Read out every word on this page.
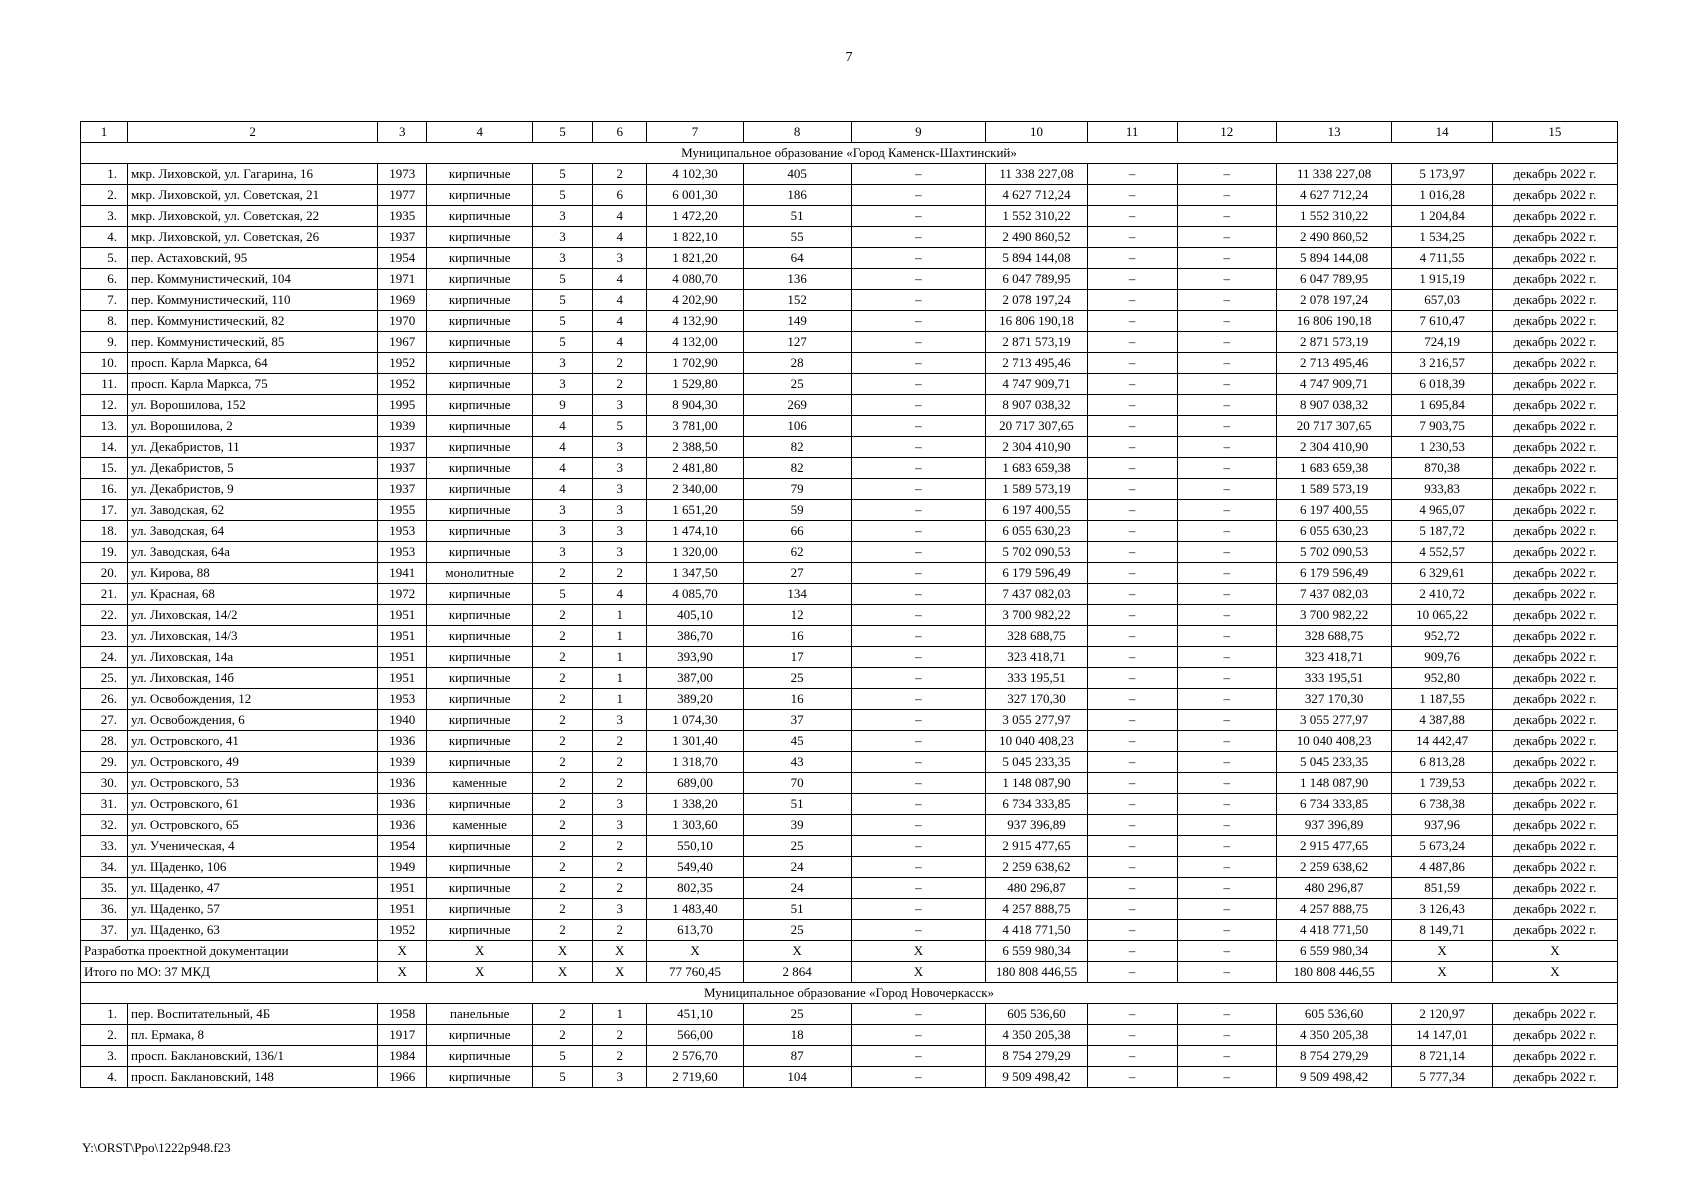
7
1	2	3	4	5	6	7	8	9	10	11	12	13	14	15
Муниципальное образование «Город Каменск-Шахтинский»														
1.	мкр. Лиховской, ул. Гагарина, 16	1973	кирпичные	5	2	4 102,30	405	–	11 338 227,08	–	–	11 338 227,08	5 173,97	декабрь 2022 г.
2.	мкр. Лиховской, ул. Советская, 21	1977	кирпичные	5	6	6 001,30	186	–	4 627 712,24	–	–	4 627 712,24	1 016,28	декабрь 2022 г.
3.	мкр. Лиховской, ул. Советская, 22	1935	кирпичные	3	4	1 472,20	51	–	1 552 310,22	–	–	1 552 310,22	1 204,84	декабрь 2022 г.
4.	мкр. Лиховской, ул. Советская, 26	1937	кирпичные	3	4	1 822,10	55	–	2 490 860,52	–	–	2 490 860,52	1 534,25	декабрь 2022 г.
5.	пер. Астаховский, 95	1954	кирпичные	3	3	1 821,20	64	–	5 894 144,08	–	–	5 894 144,08	4 711,55	декабрь 2022 г.
6.	пер. Коммунистический, 104	1971	кирпичные	5	4	4 080,70	136	–	6 047 789,95	–	–	6 047 789,95	1 915,19	декабрь 2022 г.
7.	пер. Коммунистический, 110	1969	кирпичные	5	4	4 202,90	152	–	2 078 197,24	–	–	2 078 197,24	657,03	декабрь 2022 г.
8.	пер. Коммунистический, 82	1970	кирпичные	5	4	4 132,90	149	–	16 806 190,18	–	–	16 806 190,18	7 610,47	декабрь 2022 г.
9.	пер. Коммунистический, 85	1967	кирпичные	5	4	4 132,00	127	–	2 871 573,19	–	–	2 871 573,19	724,19	декабрь 2022 г.
10.	просп. Карла Маркса, 64	1952	кирпичные	3	2	1 702,90	28	–	2 713 495,46	–	–	2 713 495,46	3 216,57	декабрь 2022 г.
11.	просп. Карла Маркса, 75	1952	кирпичные	3	2	1 529,80	25	–	4 747 909,71	–	–	4 747 909,71	6 018,39	декабрь 2022 г.
12.	ул. Ворошилова, 152	1995	кирпичные	9	3	8 904,30	269	–	8 907 038,32	–	–	8 907 038,32	1 695,84	декабрь 2022 г.
13.	ул. Ворошилова, 2	1939	кирпичные	4	5	3 781,00	106	–	20 717 307,65	–	–	20 717 307,65	7 903,75	декабрь 2022 г.
14.	ул. Декабристов, 11	1937	кирпичные	4	3	2 388,50	82	–	2 304 410,90	–	–	2 304 410,90	1 230,53	декабрь 2022 г.
15.	ул. Декабристов, 5	1937	кирпичные	4	3	2 481,80	82	–	1 683 659,38	–	–	1 683 659,38	870,38	декабрь 2022 г.
16.	ул. Декабристов, 9	1937	кирпичные	4	3	2 340,00	79	–	1 589 573,19	–	–	1 589 573,19	933,83	декабрь 2022 г.
17.	ул. Заводская, 62	1955	кирпичные	3	3	1 651,20	59	–	6 197 400,55	–	–	6 197 400,55	4 965,07	декабрь 2022 г.
18.	ул. Заводская, 64	1953	кирпичные	3	3	1 474,10	66	–	6 055 630,23	–	–	6 055 630,23	5 187,72	декабрь 2022 г.
19.	ул. Заводская, 64а	1953	кирпичные	3	3	1 320,00	62	–	5 702 090,53	–	–	5 702 090,53	4 552,57	декабрь 2022 г.
20.	ул. Кирова, 88	1941	монолитные	2	2	1 347,50	27	–	6 179 596,49	–	–	6 179 596,49	6 329,61	декабрь 2022 г.
21.	ул. Красная, 68	1972	кирпичные	5	4	4 085,70	134	–	7 437 082,03	–	–	7 437 082,03	2 410,72	декабрь 2022 г.
22.	ул. Лиховская, 14/2	1951	кирпичные	2	1	405,10	12	–	3 700 982,22	–	–	3 700 982,22	10 065,22	декабрь 2022 г.
23.	ул. Лиховская, 14/3	1951	кирпичные	2	1	386,70	16	–	328 688,75	–	–	328 688,75	952,72	декабрь 2022 г.
24.	ул. Лиховская, 14а	1951	кирпичные	2	1	393,90	17	–	323 418,71	–	–	323 418,71	909,76	декабрь 2022 г.
25.	ул. Лиховская, 14б	1951	кирпичные	2	1	387,00	25	–	333 195,51	–	–	333 195,51	952,80	декабрь 2022 г.
26.	ул. Освобождения, 12	1953	кирпичные	2	1	389,20	16	–	327 170,30	–	–	327 170,30	1 187,55	декабрь 2022 г.
27.	ул. Освобождения, 6	1940	кирпичные	2	3	1 074,30	37	–	3 055 277,97	–	–	3 055 277,97	4 387,88	декабрь 2022 г.
28.	ул. Островского, 41	1936	кирпичные	2	2	1 301,40	45	–	10 040 408,23	–	–	10 040 408,23	14 442,47	декабрь 2022 г.
29.	ул. Островского, 49	1939	кирпичные	2	2	1 318,70	43	–	5 045 233,35	–	–	5 045 233,35	6 813,28	декабрь 2022 г.
30.	ул. Островского, 53	1936	каменные	2	2	689,00	70	–	1 148 087,90	–	–	1 148 087,90	1 739,53	декабрь 2022 г.
31.	ул. Островского, 61	1936	кирпичные	2	3	1 338,20	51	–	6 734 333,85	–	–	6 734 333,85	6 738,38	декабрь 2022 г.
32.	ул. Островского, 65	1936	каменные	2	3	1 303,60	39	–	937 396,89	–	–	937 396,89	937,96	декабрь 2022 г.
33.	ул. Ученическая, 4	1954	кирпичные	2	2	550,10	25	–	2 915 477,65	–	–	2 915 477,65	5 673,24	декабрь 2022 г.
34.	ул. Щаденко, 106	1949	кирпичные	2	2	549,40	24	–	2 259 638,62	–	–	2 259 638,62	4 487,86	декабрь 2022 г.
35.	ул. Щаденко, 47	1951	кирпичные	2	2	802,35	24	–	480 296,87	–	–	480 296,87	851,59	декабрь 2022 г.
36.	ул. Щаденко, 57	1951	кирпичные	2	3	1 483,40	51	–	4 257 888,75	–	–	4 257 888,75	3 126,43	декабрь 2022 г.
37.	ул. Щаденко, 63	1952	кирпичные	2	2	613,70	25	–	4 418 771,50	–	–	4 418 771,50	8 149,71	декабрь 2022 г.
Разработка проектной документации		X	X	X	X	X	X	X	6 559 980,34	–	–	6 559 980,34	X	X
Итого по МО: 37 МКД		X	X	X	X	77 760,45	2 864	X	180 808 446,55	–	–	180 808 446,55	X	X
Муниципальное образование «Город Новочеркасск»														
1.	пер. Воспитательный, 4Б	1958	панельные	2	1	451,10	25	–	605 536,60	–	–	605 536,60	2 120,97	декабрь 2022 г.
2.	пл. Ермака, 8	1917	кирпичные	2	2	566,00	18	–	4 350 205,38	–	–	4 350 205,38	14 147,01	декабрь 2022 г.
3.	просп. Баклановский, 136/1	1984	кирпичные	5	2	2 576,70	87	–	8 754 279,29	–	–	8 754 279,29	8 721,14	декабрь 2022 г.
4.	просп. Баклановский, 148	1966	кирпичные	5	3	2 719,60	104	–	9 509 498,42	–	–	9 509 498,42	5 777,34	декабрь 2022 г.
Y:\ORST\Ppo\1222p948.f23
